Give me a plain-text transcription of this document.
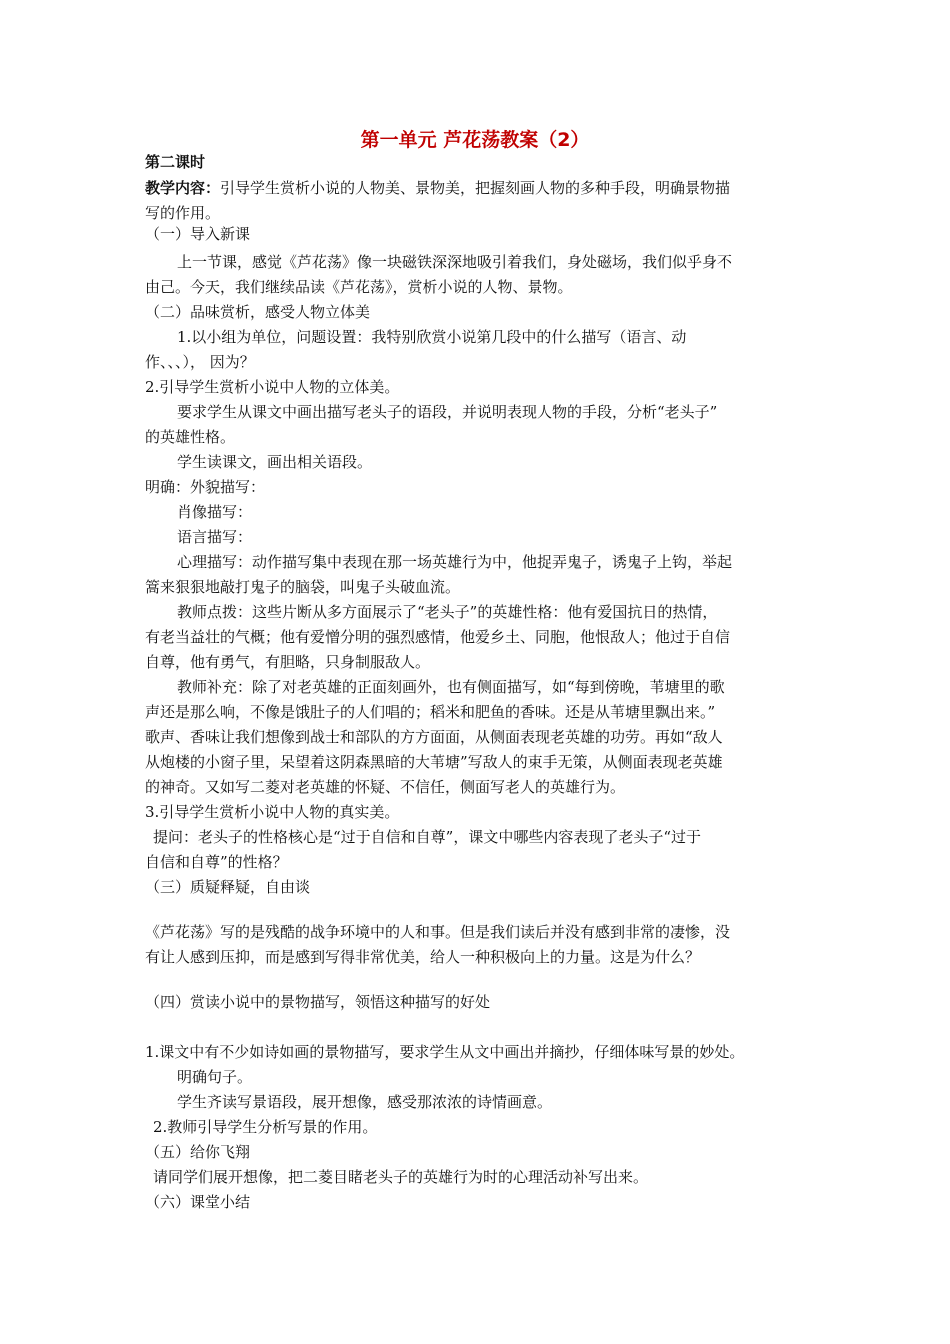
第一单元 芦花荡教案（2）
第二课时
教学内容：引导学生赏析小说的人物美、景物美，把握刻画人物的多种手段，明确景物描
写的作用。
（一）导入新课
上一节课，感觉《芦花荡》像一块磁铁深深地吸引着我们，身处磁场，我们似乎身不
由己。今天，我们继续品读《芦花荡》，赏析小说的人物、景物。
（二）品味赏析，感受人物立体美
1.以小组为单位，问题设置：我特别欣赏小说第几段中的什么描写（语言、动
作、、、）， 因为？
2.引导学生赏析小说中人物的立体美。
要求学生从课文中画出描写老头子的语段，并说明表现人物的手段，分析“老头子”
的英雄性格。
学生读课文，画出相关语段。
明确：外貌描写：
肖像描写：
语言描写：
心理描写：动作描写集中表现在那一场英雄行为中，他捉弄鬼子，诱鬼子上钩，举起
篙来狠狠地敲打鬼子的脑袋，叫鬼子头破血流。
教师点拨：这些片断从多方面展示了“老头子”的英雄性格：他有爱国抗日的热情，
有老当益壮的气概；他有爱憎分明的强烈感情，他爱乡土、同胞，他恨敌人；他过于自信
自尊，他有勇气，有胆略，只身制服敌人。
教师补充：除了对老英雄的正面刻画外，也有侧面描写，如“每到傍晚，苇塘里的歌
声还是那么响，不像是饿肚子的人们唱的；稻米和肥鱼的香味。还是从苇塘里飘出来。”
歌声、香味让我们想像到战士和部队的方方面面，从侧面表现老英雄的功劳。再如“敌人
从炮楼的小窗子里，呆望着这阴森黑暗的大苇塘”写敌人的束手无策，从侧面表现老英雄
的神奇。又如写二菱对老英雄的怀疑、不信任，侧面写老人的英雄行为。
3.引导学生赏析小说中人物的真实美。
提问：老头子的性格核心是“过于自信和自尊”，课文中哪些内容表现了老头子“过于
自信和自尊”的性格？
（三）质疑释疑，自由谈
《芦花荡》写的是残酷的战争环境中的人和事。但是我们读后并没有感到非常的凄惨，没
有让人感到压抑，而是感到写得非常优美，给人一种积极向上的力量。这是为什么？
（四）赏读小说中的景物描写，领悟这种描写的好处
1.课文中有不少如诗如画的景物描写，要求学生从文中画出并摘抄，仔细体味写景的妙处。
明确句子。
学生齐读写景语段，展开想像，感受那浓浓的诗情画意。
2.教师引导学生分析写景的作用。
（五）给你飞翔
请同学们展开想像，把二菱目睹老头子的英雄行为时的心理活动补写出来。
（六）课堂小结
